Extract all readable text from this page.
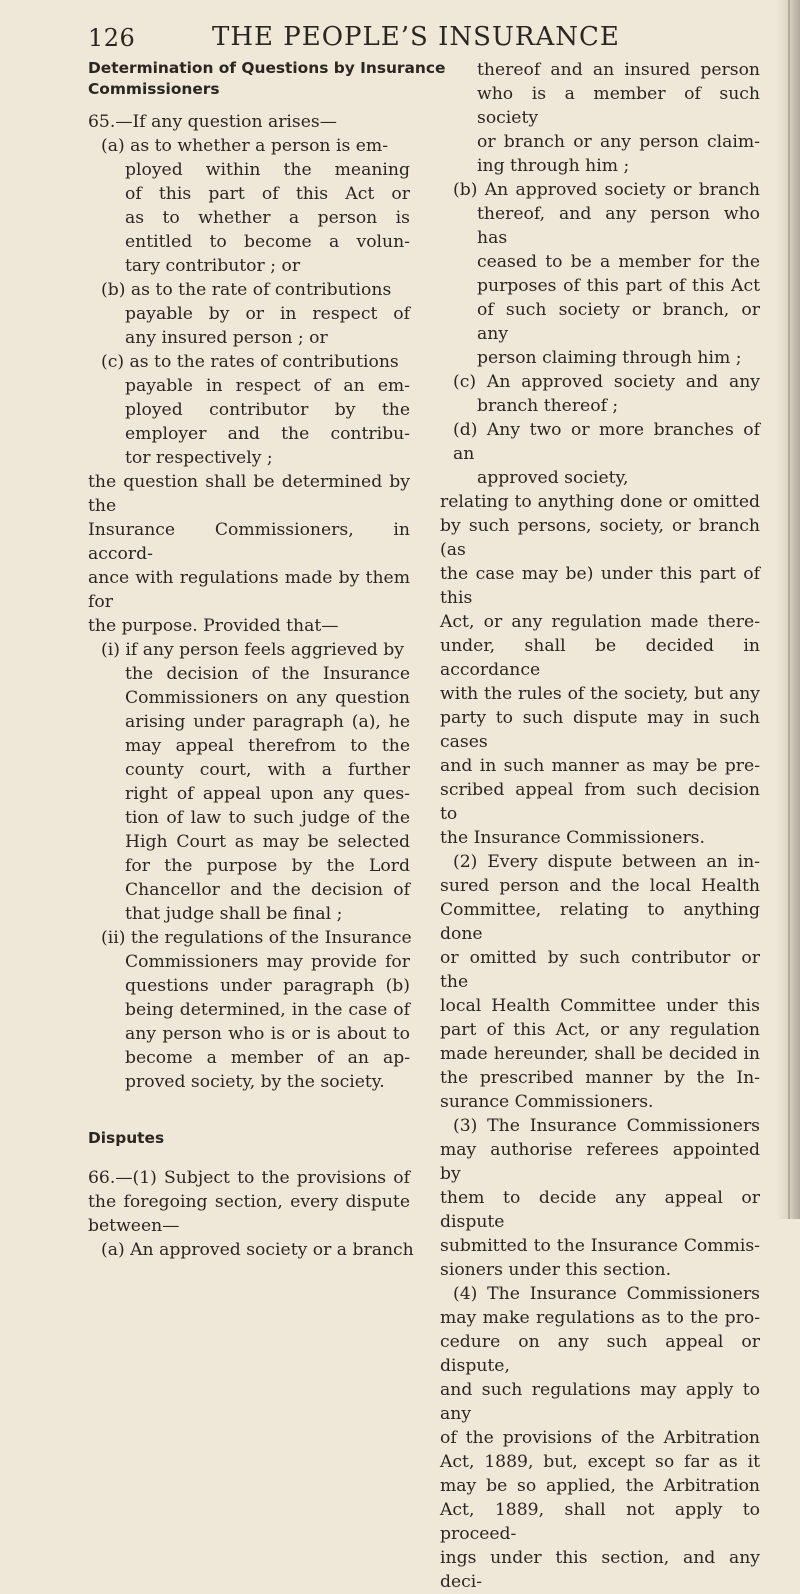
126	THE PEOPLE’S INSURANCE
Determination of Questions by Insurance
Commissioners
65.—If any question arises—
(a) as to whether a person is em-
ployed within the meaning
of this part of this Act or
as to whether a person is
entitled to become a volun-
tary contributor ; or
(b) as to the rate of contributions
payable by or in respect of
any insured person ; or
(c) as to the rates of contributions
payable in respect of an em-
ployed contributor by the
employer and the contribu-
tor respectively ;
the question shall be determined by the
Insurance Commissioners, in accord-
ance with regulations made by them for
the purpose. Provided that—
(i) if any person feels aggrieved by
the decision of the Insurance
Commissioners on any question
arising under paragraph (a), he
may appeal therefrom to the
county court, with a further
right of appeal upon any ques-
tion of law to such judge of the
High Court as may be selected
for the purpose by the Lord
Chancellor and the decision of
that judge shall be final ;
(ii) the regulations of the Insurance
Commissioners may provide for
questions under paragraph (b)
being determined, in the case of
any person who is or is about to
become a member of an ap-
proved society, by the society.
Disputes
66.—(1) Subject to the provisions of
the foregoing section, every dispute
between—
(a) An approved society or a branch
thereof and an insured person
who is a member of such society
or branch or any person claim-
ing through him ;
(b) An approved society or branch
thereof, and any person who has
ceased to be a member for the
purposes of this part of this Act
of such society or branch, or any
person claiming through him ;
(c) An approved society and any
branch thereof ;
(d) Any two or more branches of an
approved society,
relating to anything done or omitted
by such persons, society, or branch (as
the case may be) under this part of this
Act, or any regulation made there-
under, shall be decided in accordance
with the rules of the society, but any
party to such dispute may in such cases
and in such manner as may be pre-
scribed appeal from such decision to
the Insurance Commissioners.
(2) Every dispute between an in-
sured person and the local Health
Committee, relating to anything done
or omitted by such contributor or the
local Health Committee under this
part of this Act, or any regulation
made hereunder, shall be decided in
the prescribed manner by the In-
surance Commissioners.
(3) The Insurance Commissioners
may authorise referees appointed by
them to decide any appeal or dispute
submitted to the Insurance Commis-
sioners under this section.
(4) The Insurance Commissioners
may make regulations as to the pro-
cedure on any such appeal or dispute,
and such regulations may apply to any
of the provisions of the Arbitration
Act, 1889, but, except so far as it
may be so applied, the Arbitration
Act, 1889, shall not apply to proceed-
ings under this section, and any deci-
